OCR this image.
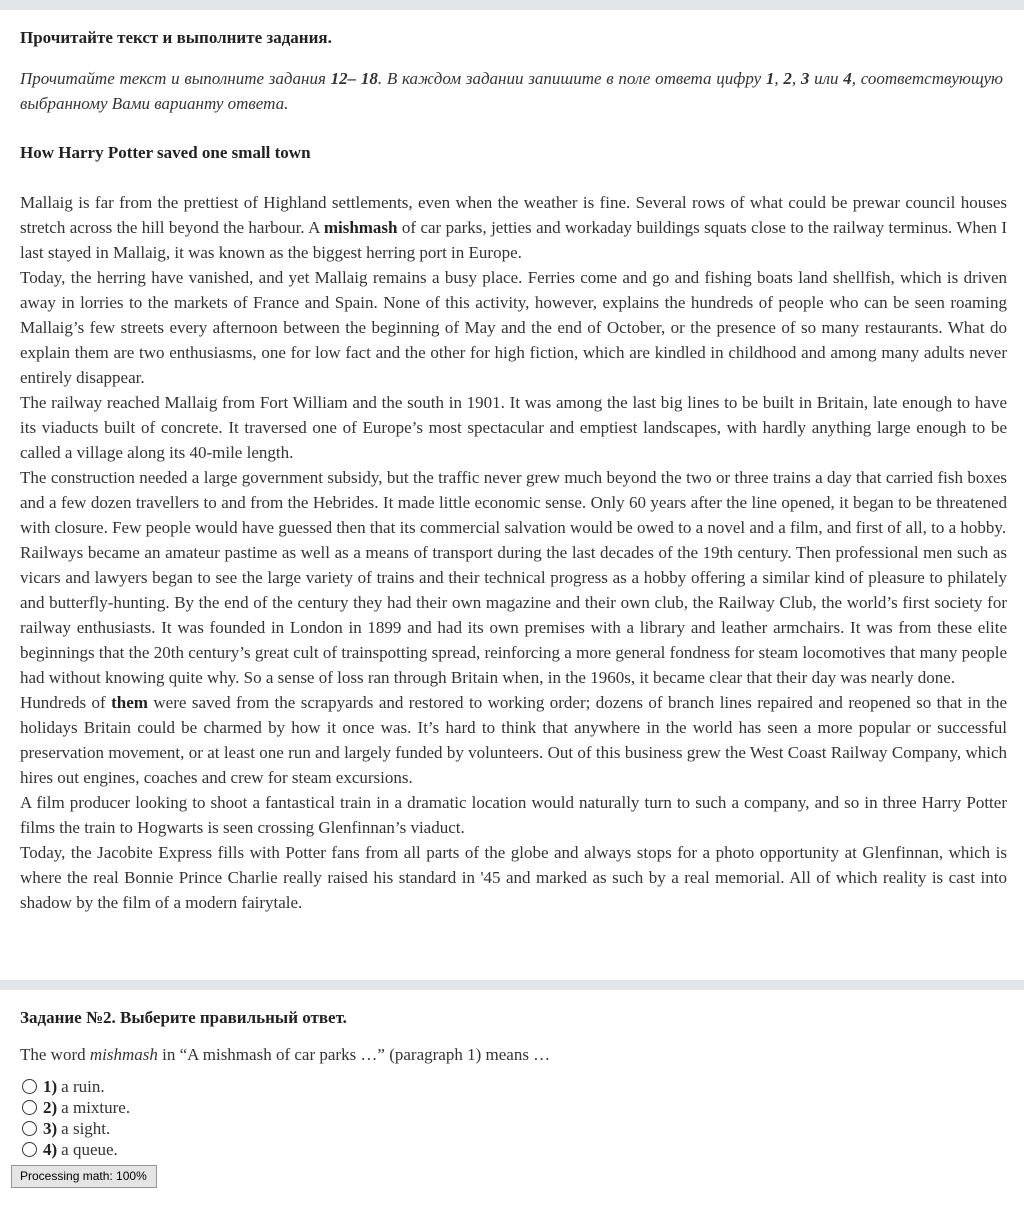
Прочитайте текст и выполните задания.
Прочитайте текст и выполните задания 12– 18. В каждом задании запишите в поле ответа цифру 1, 2, 3 или 4, соответствующую выбранному Вами варианту ответа.
How Harry Potter saved one small town

Mallaig is far from the prettiest of Highland settlements, even when the weather is fine. Several rows of what could be prewar council houses stretch across the hill beyond the harbour. A mishmash of car parks, jetties and workaday buildings squats close to the railway terminus. When I last stayed in Mallaig, it was known as the biggest herring port in Europe.

Today, the herring have vanished, and yet Mallaig remains a busy place. Ferries come and go and fishing boats land shellfish, which is driven away in lorries to the markets of France and Spain. None of this activity, however, explains the hundreds of people who can be seen roaming Mallaig’s few streets every afternoon between the beginning of May and the end of October, or the presence of so many restaurants. What do explain them are two enthusiasms, one for low fact and the other for high fiction, which are kindled in childhood and among many adults never entirely disappear.

The railway reached Mallaig from Fort William and the south in 1901. It was among the last big lines to be built in Britain, late enough to have its viaducts built of concrete. It traversed one of Europe’s most spectacular and emptiest landscapes, with hardly anything large enough to be called a village along its 40-mile length.

The construction needed a large government subsidy, but the traffic never grew much beyond the two or three trains a day that carried fish boxes and a few dozen travellers to and from the Hebrides. It made little economic sense. Only 60 years after the line opened, it began to be threatened with closure. Few people would have guessed then that its commercial salvation would be owed to a novel and a film, and first of all, to a hobby.

Railways became an amateur pastime as well as a means of transport during the last decades of the 19th century. Then professional men such as vicars and lawyers began to see the large variety of trains and their technical progress as a hobby offering a similar kind of pleasure to philately and butterfly-hunting. By the end of the century they had their own magazine and their own club, the Railway Club, the world’s first society for railway enthusiasts. It was founded in London in 1899 and had its own premises with a library and leather armchairs. It was from these elite beginnings that the 20th century’s great cult of trainspotting spread, reinforcing a more general fondness for steam locomotives that many people had without knowing quite why. So a sense of loss ran through Britain when, in the 1960s, it became clear that their day was nearly done.

Hundreds of them were saved from the scrapyards and restored to working order; dozens of branch lines repaired and reopened so that in the holidays Britain could be charmed by how it once was. It’s hard to think that anywhere in the world has seen a more popular or successful preservation movement, or at least one run and largely funded by volunteers. Out of this business grew the West Coast Railway Company, which hires out engines, coaches and crew for steam excursions.

A film producer looking to shoot a fantastical train in a dramatic location would naturally turn to such a company, and so in three Harry Potter films the train to Hogwarts is seen crossing Glenfinnan’s viaduct.

Today, the Jacobite Express fills with Potter fans from all parts of the globe and always stops for a photo opportunity at Glenfinnan, which is where the real Bonnie Prince Charlie really raised his standard in '45 and marked as such by a real memorial. All of which reality is cast into shadow by the film of a modern fairytale.

Задание №2. Выберите правильный ответ.
The word mishmash in “A mishmash of car parks …” (paragraph 1) means …
1) a ruin.
2) a mixture.
3) a sight.
4) a queue.
Processing math: 100%
